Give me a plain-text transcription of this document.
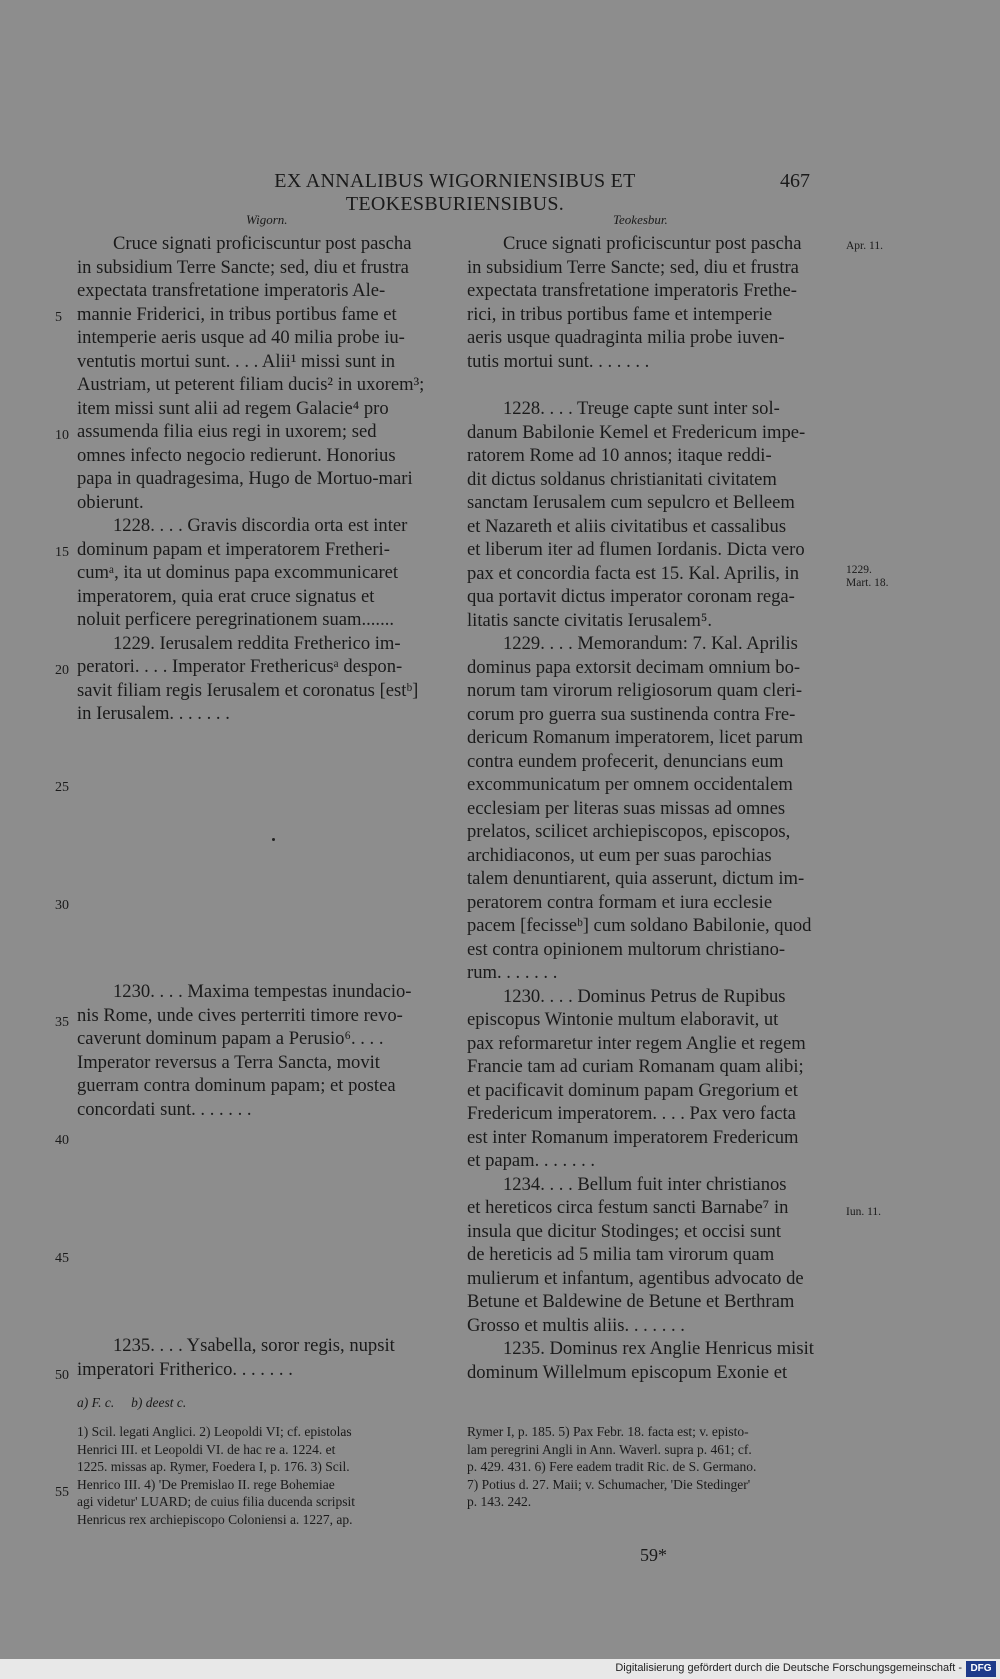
EX ANNALIBUS WIGORNIENSIBUS ET TEOKESBURIENSIBUS.
467
Wigorn.	Teokesbur.

Cruce signati proficiscuntur post pascha
in subsidium Terre Sancte; sed, diu et frustra
expectata transfretatione imperatoris Ale-
mannie Friderici, in tribus portibus fame et
intemperie aeris usque ad 40 milia probe iu-
ventutis mortui sunt. . . . Alii¹ missi sunt in
Austriam, ut peterent filiam ducis² in uxorem³;
item missi sunt alii ad regem Galacie⁴ pro
assumenda filia eius regi in uxorem; sed
omnes infecto negocio redierunt. Honorius
papa in quadragesima, Hugo de Mortuo-mari
obierunt.

1228. . . . Gravis discordia orta est inter
dominum papam et imperatorem Fretheri-
cumᵃ, ita ut dominus papa excommunicaret
imperatorem, quia erat cruce signatus et
noluit perficere peregrinationem suam.......

1229. Ierusalem reddita Fretherico im-
peratori. . . . Imperator Frethericusᵃ despon-
savit filiam regis Ierusalem et coronatus [estᵇ]
in Ierusalem. . . . . . .

1230. . . . Maxima tempestas inundacio-
nis Rome, unde cives perterriti timore revo-
caverunt dominum papam a Perusio⁶. . . .
Imperator reversus a Terra Sancta, movit
guerram contra dominum papam; et postea
concordati sunt. . . . . . .

1235. . . . Ysabella, soror regis, nupsit
imperatori Fritherico. . . . . . .

Cruce signati proficiscuntur post pascha
in subsidium Terre Sancte; sed, diu et frustra
expectata transfretatione imperatoris Frethe-
rici, in tribus portibus fame et intemperie
aeris usque quadraginta milia probe iuven-
tutis mortui sunt. . . . . . .

1228. . . . Treuge capte sunt inter sol-
danum Babilonie Kemel et Fredericum impe-
ratorem Rome ad 10 annos; itaque reddi-
dit dictus soldanus christianitati civitatem
sanctam Ierusalem cum sepulcro et Belleem
et Nazareth et aliis civitatibus et cassalibus
et liberum iter ad flumen Iordanis. Dicta vero
pax et concordia facta est 15. Kal. Aprilis, in
qua portavit dictus imperator coronam rega-
litatis sancte civitatis Ierusalem⁵.

1229. . . . Memorandum: 7. Kal. Aprilis
dominus papa extorsit decimam omnium bo-
norum tam virorum religiosorum quam cleri-
corum pro guerra sua sustinenda contra Fre-
dericum Romanum imperatorem, licet parum
contra eundem profecerit, denuncians eum
excommunicatum per omnem occidentalem
ecclesiam per literas suas missas ad omnes
prelatos, scilicet archiepiscopos, episcopos,
archidiaconos, ut eum per suas parochias
talem denuntiarent, quia asserunt, dictum im-
peratorem contra formam et iura ecclesie
pacem [fecisseᵇ] cum soldano Babilonie, quod
est contra opinionem multorum christiano-
rum. . . . . . .

1230. . . . Dominus Petrus de Rupibus
episcopus Wintonie multum elaboravit, ut
pax reformaretur inter regem Anglie et regem
Francie tam ad curiam Romanam quam alibi;
et pacificavit dominum papam Gregorium et
Fredericum imperatorem. . . . Pax vero facta
est inter Romanum imperatorem Fredericum
et papam. . . . . . .

1234. . . . Bellum fuit inter christianos
et hereticos circa festum sancti Barnabe⁷ in
insula que dicitur Stodinges; et occisi sunt
de hereticis ad 5 milia tam virorum quam
mulierum et infantum, agentibus advocato de
Betune et Baldewine de Betune et Berthram
Grosso et multis aliis. . . . . . .

1235. Dominus rex Anglie Henricus misit
dominum Willelmum episcopum Exonie et

5
10
15
20
25
30
35
40
45
50
55
Apr. 11.
1229.
Mart. 18.
Iun. 11.
a) F. c.     b) deest c.
1) Scil. legati Anglici. 2) Leopoldi VI; cf. epistolas
Henrici III. et Leopoldi VI. de hac re a. 1224. et
1225. missas ap. Rymer, Foedera I, p. 176. 3) Scil.
Henrico III. 4) 'De Premislao II. rege Bohemiae
agi videtur' LUARD; de cuius filia ducenda scripsit
Henricus rex archiepiscopo Coloniensi a. 1227, ap.
Rymer I, p. 185. 5) Pax Febr. 18. facta est; v. episto-
lam peregrini Angli in Ann. Waverl. supra p. 461; cf.
p. 429. 431. 6) Fere eadem tradit Ric. de S. Germano.
7) Potius d. 27. Maii; v. Schumacher, 'Die Stedinger'
p. 143. 242.
59*
Digitalisierung gefördert durch die Deutsche Forschungsgemeinschaft - DFG
